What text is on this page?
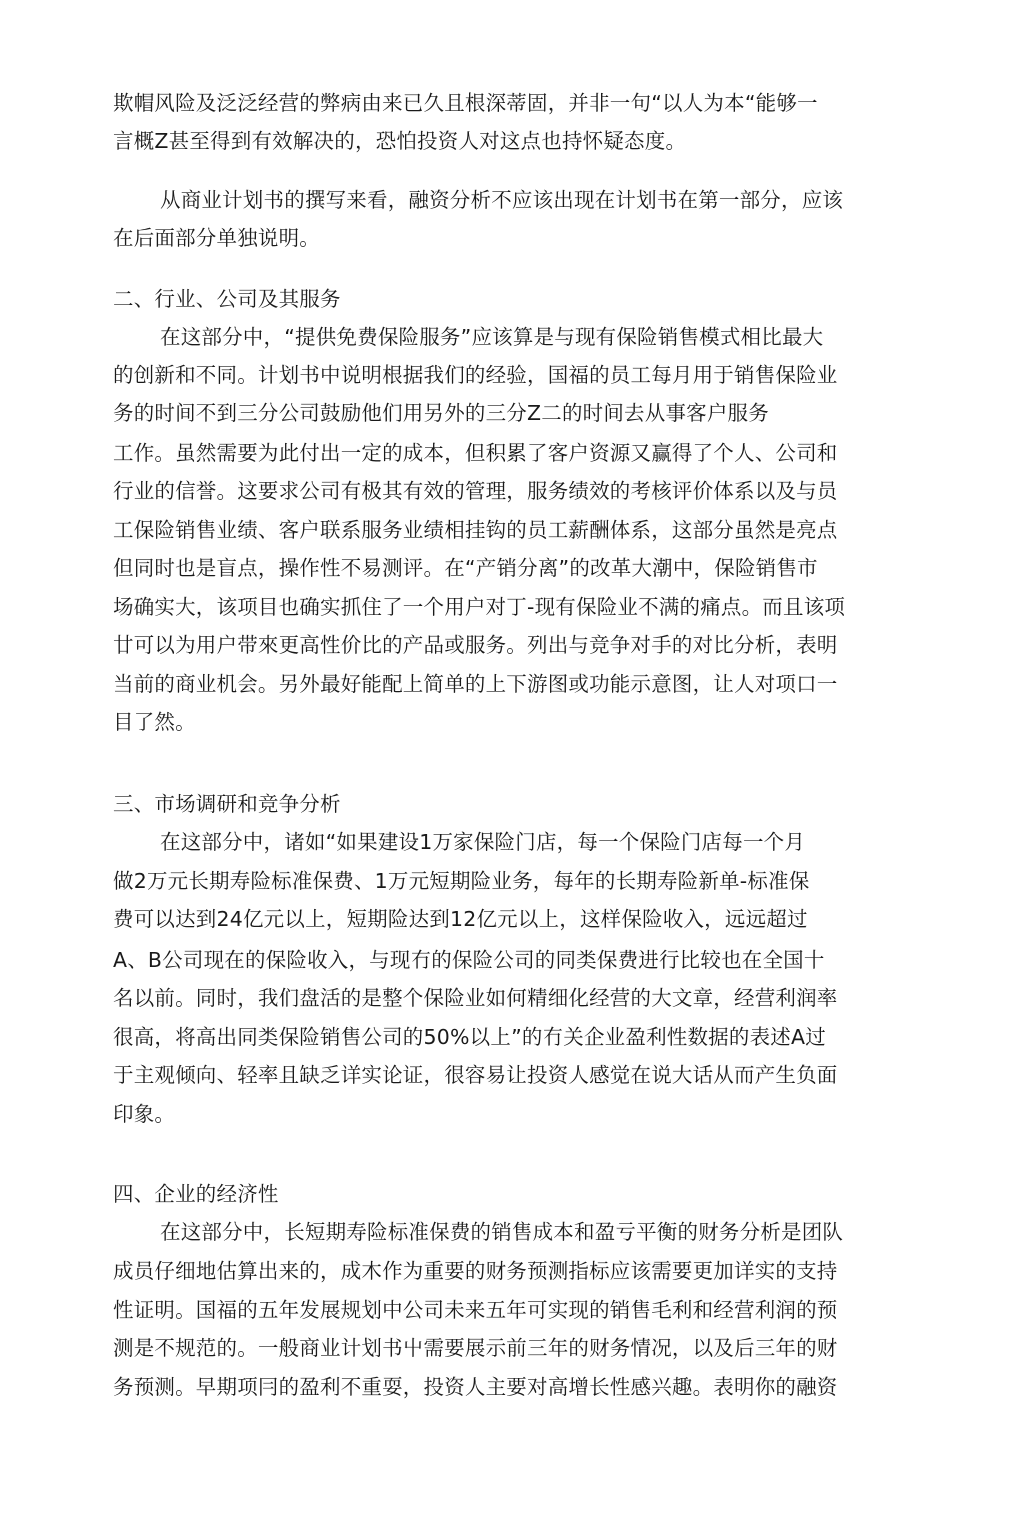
欺帽风险及泛泛经营的弊病由来已久且根深蒂固，并非一句“以人为本“能够一
言概Z甚至得到有效解决的，恐怕投资人对这点也持怀疑态度。
从商业计划书的撰写来看，融资分析不应该出现在计划书在第一部分，应该
在后面部分单独说明。
二、行业、公司及其服务
在这部分中，“提供免费保险服务”应该算是与现有保险销售模式相比最大
的创新和不同。计划书中说明根据我们的经验，国福的员工每月用于销售保险业
务的时间不到三分公司鼓励他们用另外的三分Z二的时间去从事客户服务
工作。虽然需要为此付出一定的成本，但积累了客户资源又赢得了个人、公司和
行业的信誉。这要求公司有极其有效的管理，服务绩效的考核评价体系以及与员
工保险销售业绩、客户联系服务业绩相挂钩的员工薪酬体系，这部分虽然是亮点
但同时也是盲点，操作性不易测评。在“产销分离”的改革大潮中，保险销售市
场确实大，该项目也确实抓住了一个用户对丁-现有保险业不满的痛点。而且该项
廿可以为用户带來更高性价比的产品或服务。列出与竞争对手的对比分析，表明
当前的商业机会。另外最好能配上简单的上下游图或功能示意图，让人对项口一
目了然。
三、市场调研和竞争分析
在这部分中，诸如“如果建设1万家保险门店，每一个保险门店每一个月
做2万元长期寿险标准保费、1万元短期险业务，每年的长期寿险新单-标准保
费可以达到24亿元以上，短期险达到12亿元以上，这样保险收入，远远超过
A、B公司现在的保险收入，与现冇的保险公司的同类保费进行比较也在全国十
名以前。同时，我们盘活的是整个保险业如何精细化经营的大文章，经营利润率
很高，将高出同类保险销售公司的50%以上”的冇关企业盈利性数据的表述A过
于主观倾向、轻率且缺乏详实论证，很容易让投资人感觉在说大话从而产生负面
印象。
四、企业的经济性
在这部分中，长短期寿险标准保费的销售成本和盈亏平衡的财务分析是团队
成员仔细地估算出来的，成木作为重要的财务预测指标应该需要更加详实的支持
性证明。国福的五年发展规划中公司未来五年可实现的销售毛利和经营利润的预
测是不规范的。一般商业计划书屮需要展示前三年的财务情况，以及后三年的财
务预测。早期项冃的盈利不重耍，投资人主要对高增长性感兴趣。表明你的融资
